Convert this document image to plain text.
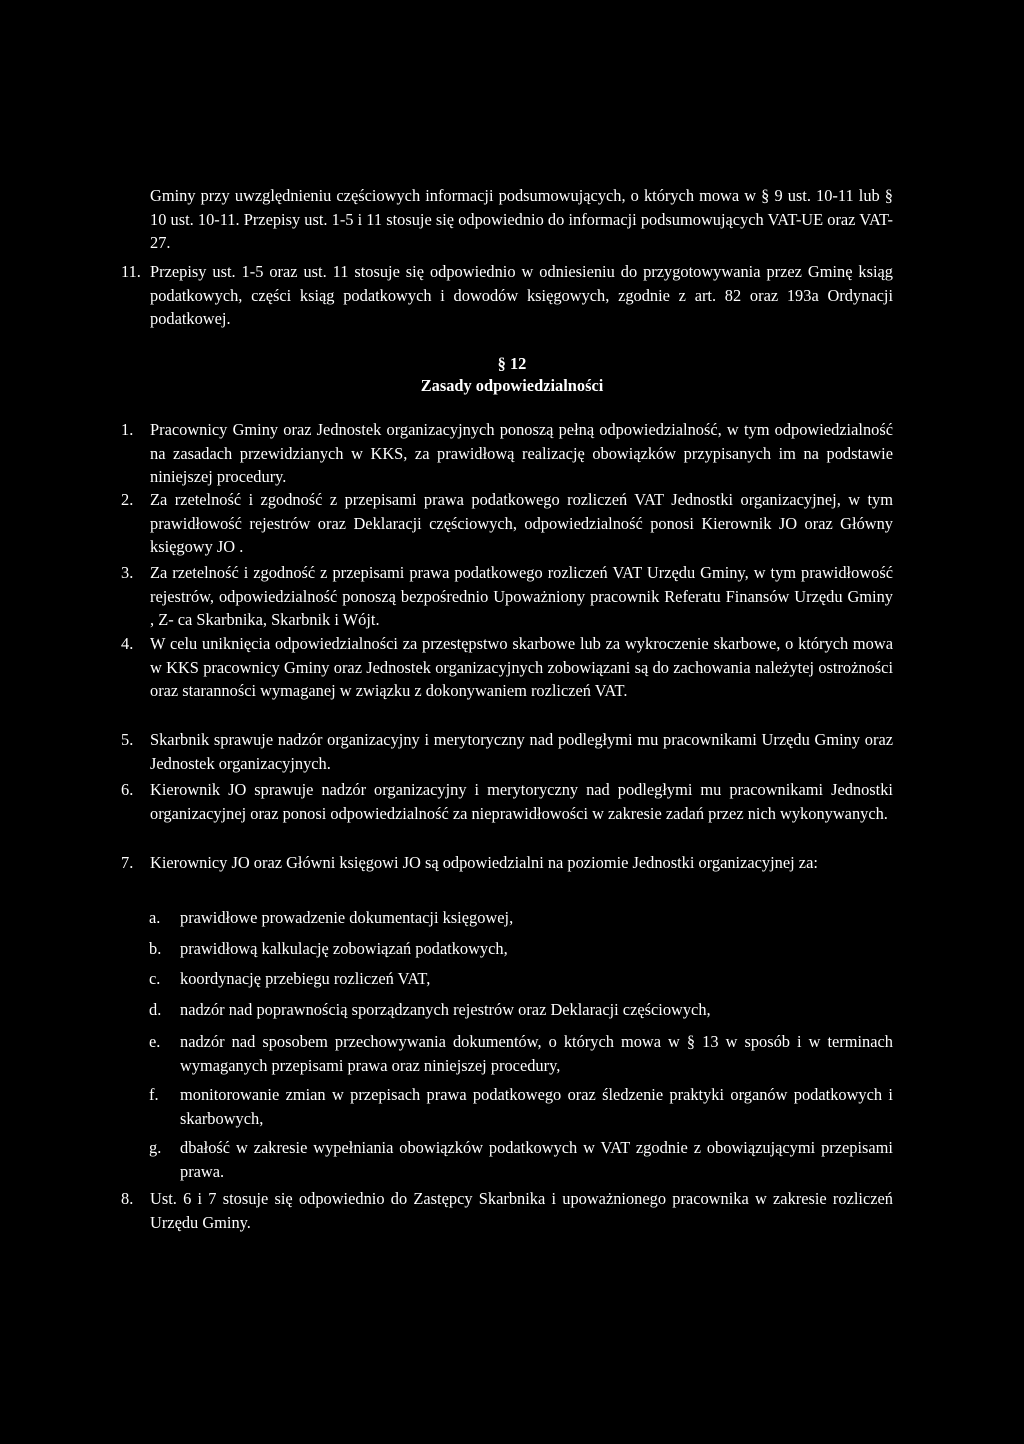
Gminy przy uwzględnieniu częściowych informacji podsumowujących, o których mowa w § 9 ust. 10-11 lub § 10 ust. 10-11. Przepisy ust. 1-5 i 11 stosuje się odpowiednio do informacji podsumowujących VAT-UE oraz VAT-27.

11. Przepisy ust. 1-5 oraz ust. 11 stosuje się odpowiednio w odniesieniu do przygotowywania przez Gminę ksiąg podatkowych, części ksiąg podatkowych i dowodów księgowych, zgodnie z art. 82 oraz 193a Ordynacji podatkowej.
§ 12
Zasady odpowiedzialności
1.	Pracownicy Gminy oraz Jednostek organizacyjnych ponoszą pełną odpowiedzialność, w tym odpowiedzialność na zasadach przewidzianych w KKS, za prawidłową realizację obowiązków przypisanych im na podstawie niniejszej procedury.
2.	Za rzetelność i zgodność z przepisami prawa podatkowego rozliczeń VAT Jednostki organizacyjnej, w tym prawidłowość rejestrów oraz Deklaracji częściowych, odpowiedzialność ponosi Kierownik JO oraz Główny księgowy JO .
3.	Za rzetelność i zgodność z przepisami prawa podatkowego rozliczeń VAT Urzędu Gminy, w tym prawidłowość rejestrów, odpowiedzialność ponoszą bezpośrednio Upoważniony pracownik Referatu Finansów Urzędu Gminy , Z- ca Skarbnika, Skarbnik i Wójt.
4.	W celu uniknięcia odpowiedzialności za przestępstwo skarbowe lub za wykroczenie skarbowe, o których mowa w KKS pracownicy Gminy oraz Jednostek organizacyjnych zobowiązani są do zachowania należytej ostrożności oraz staranności wymaganej w związku z dokonywaniem rozliczeń VAT.
5.	Skarbnik sprawuje nadzór organizacyjny i merytoryczny nad podległymi mu pracownikami Urzędu Gminy oraz Jednostek organizacyjnych.
6.	Kierownik JO sprawuje nadzór organizacyjny i merytoryczny nad podległymi mu pracownikami Jednostki organizacyjnej oraz ponosi odpowiedzialność za nieprawidłowości w zakresie zadań przez nich wykonywanych.
7.	Kierownicy JO oraz Główni księgowi JO są odpowiedzialni na poziomie Jednostki organizacyjnej za:
a.	prawidłowe prowadzenie dokumentacji księgowej,
b.	prawidłową kalkulację zobowiązań podatkowych,
c.	koordynację przebiegu rozliczeń VAT,
d.	nadzór nad poprawnością sporządzanych rejestrów oraz Deklaracji częściowych,
e.	nadzór nad sposobem przechowywania dokumentów, o których mowa w § 13 w sposób i w terminach wymaganych przepisami prawa oraz niniejszej procedury,
f.	monitorowanie zmian w przepisach prawa podatkowego oraz śledzenie praktyki organów podatkowych i skarbowych,
g.	dbałość w zakresie wypełniania obowiązków podatkowych w VAT zgodnie z obowiązującymi przepisami prawa.
8.	Ust. 6 i 7 stosuje się odpowiednio do Zastępcy Skarbnika i upoważnionego pracownika w zakresie rozliczeń Urzędu Gminy.
